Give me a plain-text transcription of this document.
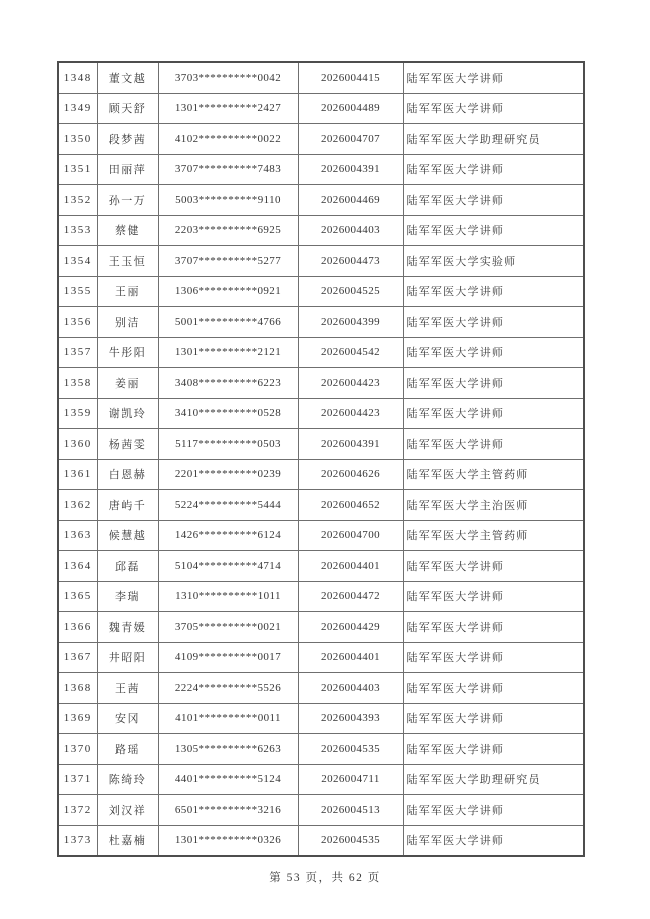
1348	董文越	3703**********0042	2026004415	陆军军医大学讲师
1349	顾天舒	1301**********2427	2026004489	陆军军医大学讲师
1350	段梦茜	4102**********0022	2026004707	陆军军医大学助理研究员
1351	田丽萍	3707**********7483	2026004391	陆军军医大学讲师
1352	孙一万	5003**********9110	2026004469	陆军军医大学讲师
1353	蔡健	2203**********6925	2026004403	陆军军医大学讲师
1354	王玉恒	3707**********5277	2026004473	陆军军医大学实验师
1355	王丽	1306**********0921	2026004525	陆军军医大学讲师
1356	别洁	5001**********4766	2026004399	陆军军医大学讲师
1357	牛彤阳	1301**********2121	2026004542	陆军军医大学讲师
1358	姜丽	3408**********6223	2026004423	陆军军医大学讲师
1359	谢凯玲	3410**********0528	2026004423	陆军军医大学讲师
1360	杨茜雯	5117**********0503	2026004391	陆军军医大学讲师
1361	白恩赫	2201**********0239	2026004626	陆军军医大学主管药师
1362	唐屿千	5224**********5444	2026004652	陆军军医大学主治医师
1363	候慧越	1426**********6124	2026004700	陆军军医大学主管药师
1364	邱磊	5104**********4714	2026004401	陆军军医大学讲师
1365	李瑞	1310**********1011	2026004472	陆军军医大学讲师
1366	魏青媛	3705**********0021	2026004429	陆军军医大学讲师
1367	井昭阳	4109**********0017	2026004401	陆军军医大学讲师
1368	王茜	2224**********5526	2026004403	陆军军医大学讲师
1369	安冈	4101**********0011	2026004393	陆军军医大学讲师
1370	路瑶	1305**********6263	2026004535	陆军军医大学讲师
1371	陈绮玲	4401**********5124	2026004711	陆军军医大学助理研究员
1372	刘汉祥	6501**********3216	2026004513	陆军军医大学讲师
1373	杜嘉楠	1301**********0326	2026004535	陆军军医大学讲师
第 53 页，共 62 页
